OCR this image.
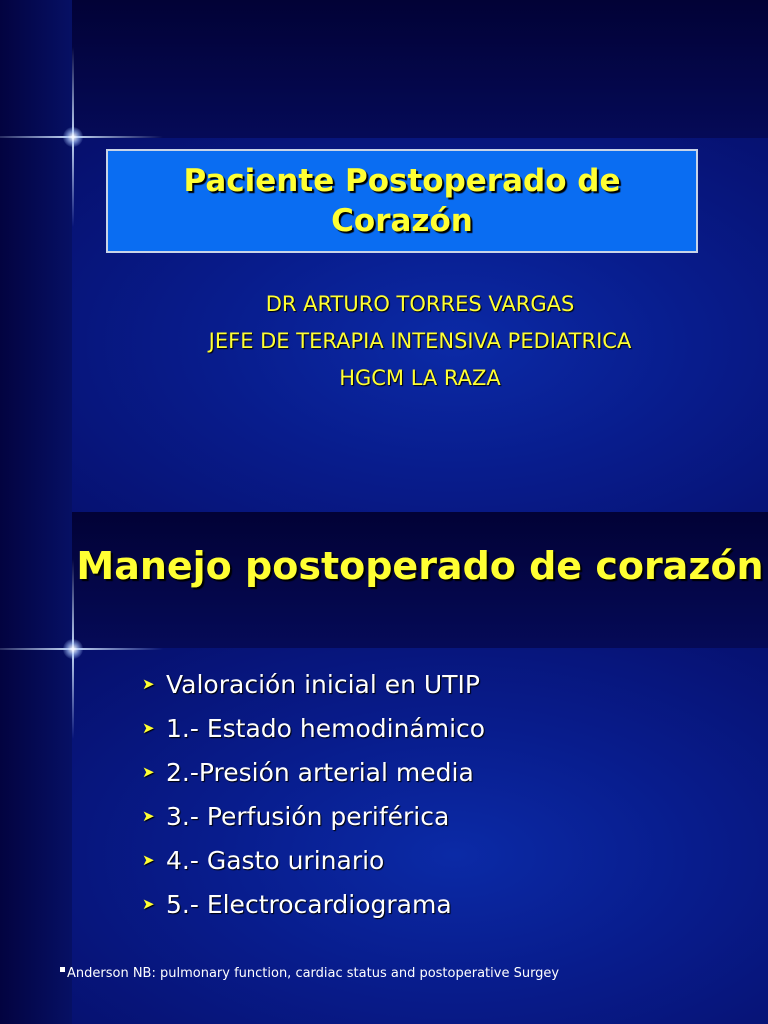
Paciente Postoperado de Corazón
DR ARTURO TORRES VARGAS
JEFE DE TERAPIA INTENSIVA PEDIATRICA
HGCM LA RAZA
Manejo postoperado de corazón
➤ Valoración inicial en UTIP
➤ 1.- Estado hemodinámico
➤ 2.-Presión arterial media
➤ 3.- Perfusión periférica
➤ 4.- Gasto urinario
➤ 5.- Electrocardiograma
Anderson NB: pulmonary function, cardiac status and postoperative Surgey
